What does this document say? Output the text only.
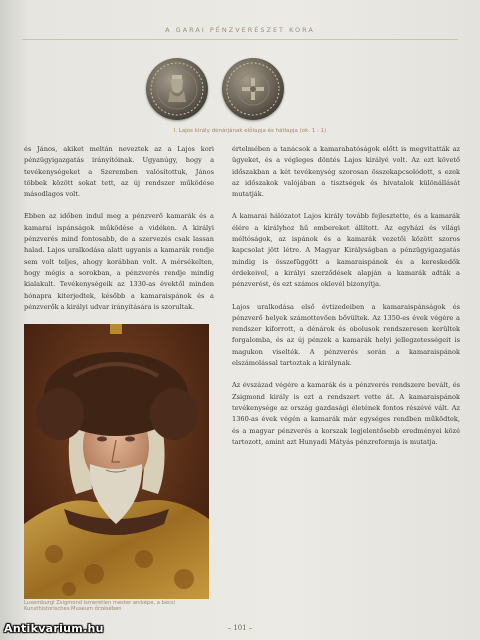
A GARAI PÉNZVERÉSZET KORA
I. Lajos király dénárjának előlapja és hátlapja (ok. 1 : 1)

és János, akiket meltán neveztek az a Lajos kori pénzügyigazgatás irányítóinak. Ugyanúgy, hogy a tevékenységeket a Szeremben valósítottuk, János többek között sokat tett, az új rendszer működése másodlagos volt.

Ebben az időben indul meg a pénzverő kamarák és a kamarai ispánságok működése a vidéken. A királyi pénzverés mind fontosabb, de a szervezés csak lassan halad. Lajos uralkodása alatt ugyanis a kamarák rendje sem volt teljes, ahogy korábban volt. A mérsékelten, hogy mégis a sorokban, a pénzverés rendje mindig kialakult. Tevékenységeik az 1330-as évektől minden hónapra kiterjedtek, később a kamaraispánok és a pénzverők a királyi udvar irányítására is szorultak.

értelmében a tanácsok a kamarahatóságok előtt is megvitatták az ügyeket, és a végleges döntés Lajos királyé volt. Az ezt követő időszakban a két tevékenység szorosan összekapcsolódott, s ezek az időszakok valójában a tisztségek és hivatalok különállását mutatják.

A kamarai hálózatot Lajos király tovább fejlesztette, és a kamarák élére a királyhoz hű embereket állított. Az egyházi és világi méltóságok, az ispánok és a kamarák vezetői között szoros kapcsolat jött létre. A Magyar Királyságban a pénzügyigazgatás mindig is összefüggött a kamaraispánok és a kereskedők érdekeivel, a királyi szerződések alapján a kamarák adták a pénzverést, és ezt számos oklevél bizonyítja.

Lajos uralkodása első évtizedeiben a kamaraispánságok és pénzverő helyek számottevően bővültek. Az 1350-es évek végére a rendszer kiforrott, a dénárok és obolusok rendszeresen kerültek forgalomba, és az új pénzek a kamarák helyi jellegzetességeit is magukon viselték. A pénzverés során a kamaraispánok elszámolással tartoztak a királynak.

Az évszázad végére a kamarák és a pénzverés rendszere bevált, és Zsigmond király is ezt a rendszert vette át. A kamaraispánok tevékenysége az ország gazdasági életének fontos részévé vált. Az 1360-as évek végén a kamarák már egységes rendben működtek, és a magyar pénzverés a korszak legjelentősebb eredményei közé tartozott, amint azt Hunyadi Mátyás pénzreformja is mutatja.

Luxemburgi Zsigmond ismeretlen mester arcképe, a bécsi Kunsthistorisches Museum őrzésében
– 101 –
Antikvarium.hu
